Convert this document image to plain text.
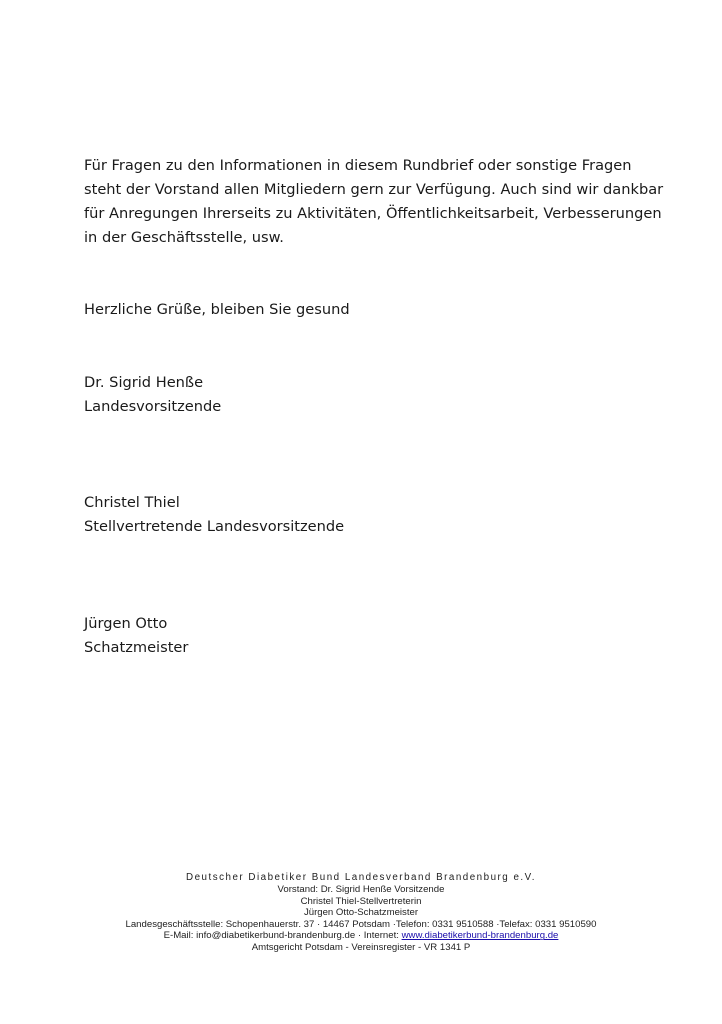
Für Fragen zu den Informationen in diesem Rundbrief oder sonstige Fragen
steht der Vorstand allen Mitgliedern gern zur Verfügung. Auch sind wir dankbar
für Anregungen Ihrerseits zu Aktivitäten, Öffentlichkeitsarbeit, Verbesserungen
in der Geschäftsstelle, usw.
Herzliche Grüße, bleiben Sie gesund
Dr. Sigrid Henße
Landesvorsitzende
Christel Thiel
Stellvertretende Landesvorsitzende
Jürgen Otto
Schatzmeister
Deutscher Diabetiker Bund Landesverband Brandenburg e.V.
Vorstand: Dr. Sigrid Henße Vorsitzende
Christel Thiel-Stellvertreterin
Jürgen Otto-Schatzmeister
Landesgeschäftsstelle: Schopenhauerstr. 37 · 14467 Potsdam ·Telefon: 0331 9510588 ·Telefax: 0331 9510590
E-Mail: info@diabetikerbund-brandenburg.de · Internet: www.diabetikerbund-brandenburg.de
Amtsgericht Potsdam - Vereinsregister - VR 1341 P
